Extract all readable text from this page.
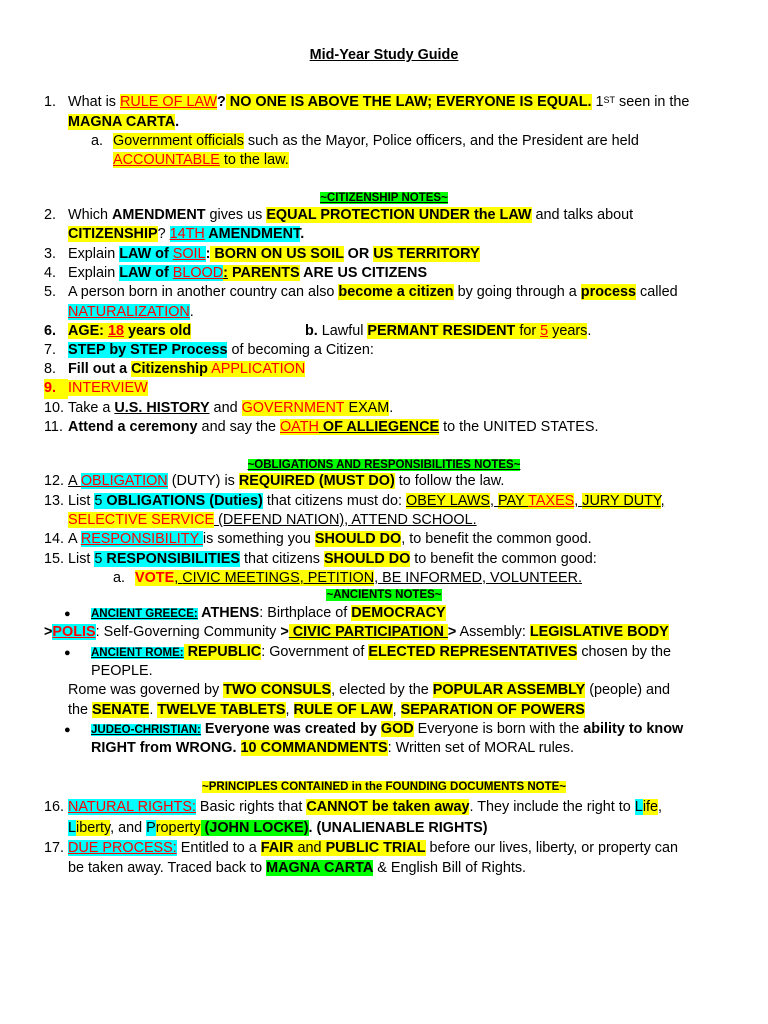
Mid-Year Study Guide
1. What is RULE OF LAW? NO ONE IS ABOVE THE LAW; EVERYONE IS EQUAL. 1ST seen in the
MAGNA CARTA.
a. Government officials such as the Mayor, Police officers, and the President are held
ACCOUNTABLE to the law.
~CITIZENSHIP NOTES~
2. Which AMENDMENT gives us EQUAL PROTECTION UNDER the LAW and talks about
CITIZENSHIP? 14TH AMENDMENT.
3. Explain LAW of SOIL: BORN ON US SOIL OR US TERRITORY
4. Explain LAW of BLOOD: PARENTS ARE US CITIZENS
5. A person born in another country can also become a citizen by going through a process called
NATURALIZATION.
6. AGE: 18 years old	b. Lawful PERMANT RESIDENT for 5 years.
7. STEP by STEP Process of becoming a Citizen:
8. Fill out a Citizenship APPLICATION
9. INTERVIEW
10. Take a U.S. HISTORY and GOVERNMENT EXAM.
11. Attend a ceremony and say the OATH OF ALLIEGENCE to the UNITED STATES.
~OBLIGATIONS AND RESPONSIBILITIES NOTES~
12. A OBLIGATION (DUTY) is REQUIRED (MUST DO) to follow the law.
13. List 5 OBLIGATIONS (Duties) that citizens must do: OBEY LAWS, PAY TAXES, JURY DUTY,
SELECTIVE SERVICE (DEFEND NATION), ATTEND SCHOOL.
14. A RESPONSIBILITY is something you SHOULD DO, to benefit the common good.
15. List 5 RESPONSIBILITIES that citizens SHOULD DO to benefit the common good:
a. VOTE, CIVIC MEETINGS, PETITION, BE INFORMED, VOLUNTEER.
~ANCIENTS NOTES~
● ANCIENT GREECE: ATHENS: Birthplace of DEMOCRACY
>POLIS: Self-Governing Community > CIVIC PARTICIPATION > Assembly: LEGISLATIVE BODY
● ANCIENT ROME: REPUBLIC: Government of ELECTED REPRESENTATIVES chosen by the
PEOPLE.
Rome was governed by TWO CONSULS, elected by the POPULAR ASSEMBLY (people) and
the SENATE. TWELVE TABLETS, RULE OF LAW, SEPARATION OF POWERS
● JUDEO-CHRISTIAN: Everyone was created by GOD Everyone is born with the ability to know
RIGHT from WRONG. 10 COMMANDMENTS: Written set of MORAL rules.
~PRINCIPLES CONTAINED in the FOUNDING DOCUMENTS NOTE~
16. NATURAL RIGHTS: Basic rights that CANNOT be taken away. They include the right to Life,
Liberty, and Property (JOHN LOCKE). (UNALIENABLE RIGHTS)
17. DUE PROCESS: Entitled to a FAIR and PUBLIC TRIAL before our lives, liberty, or property can
be taken away. Traced back to MAGNA CARTA & English Bill of Rights.
